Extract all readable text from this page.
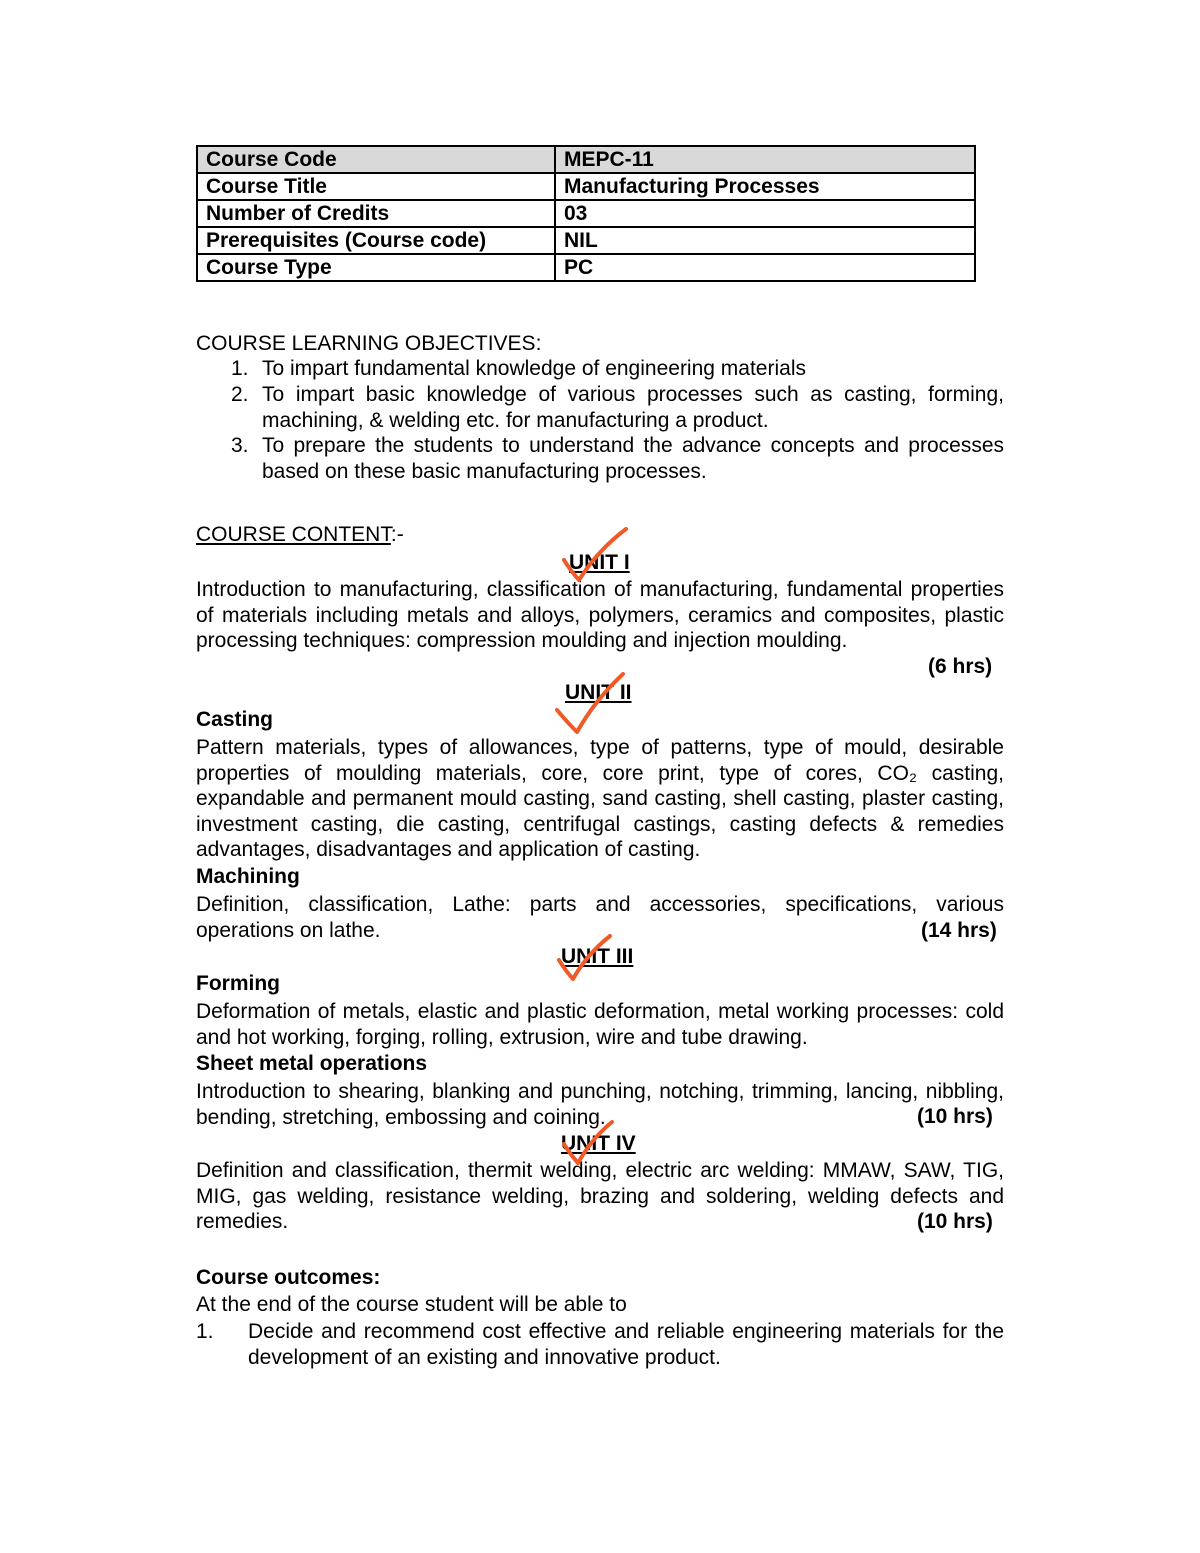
Course Code	MEPC-11
Course Title	Manufacturing Processes
Number of Credits	03
Prerequisites (Course code)	NIL
Course Type	PC
COURSE LEARNING OBJECTIVES:
1. To impart fundamental knowledge of engineering materials
2. To impart basic knowledge of various processes such as casting, forming, machining, & welding etc. for manufacturing a product.
3. To prepare the students to understand the advance concepts and processes based on these basic manufacturing processes.
COURSE CONTENT:-
UNIT I
Introduction to manufacturing, classification of manufacturing, fundamental properties of materials including metals and alloys, polymers, ceramics and composites, plastic processing techniques: compression moulding and injection moulding.
(6 hrs)
UNIT II
Casting
Pattern materials, types of allowances, type of patterns, type of mould, desirable properties of moulding materials, core, core print, type of cores, CO₂ casting, expandable and permanent mould casting, sand casting, shell casting, plaster casting, investment casting, die casting, centrifugal castings, casting defects & remedies advantages, disadvantages and application of casting.
Machining
Definition, classification, Lathe: parts and accessories, specifications, various operations on lathe.	(14 hrs)
UNIT III
Forming
Deformation of metals, elastic and plastic deformation, metal working processes: cold and hot working, forging, rolling, extrusion, wire and tube drawing.
Sheet metal operations
Introduction to shearing, blanking and punching, notching, trimming, lancing, nibbling, bending, stretching, embossing and coining.	(10 hrs)
UNIT IV
Definition and classification, thermit welding, electric arc welding: MMAW, SAW, TIG, MIG, gas welding, resistance welding, brazing and soldering, welding defects and remedies.	(10 hrs)
Course outcomes:
At the end of the course student will be able to
1. Decide and recommend cost effective and reliable engineering materials for the development of an existing and innovative product.
